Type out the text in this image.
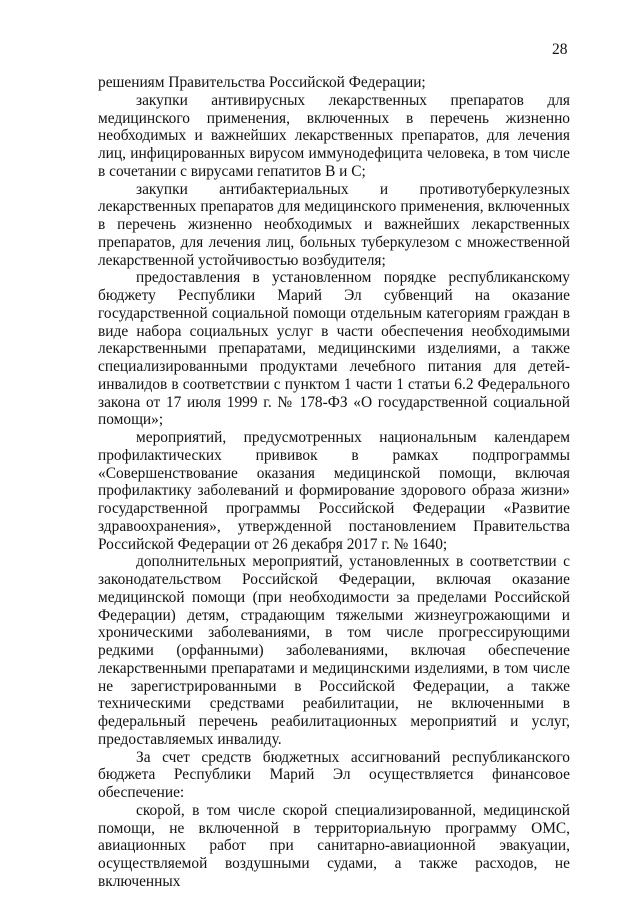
28

решениям Правительства Российской Федерации;

закупки антивирусных лекарственных препаратов для медицинского применения, включенных в перечень жизненно необходимых и важнейших лекарственных препаратов, для лечения лиц, инфицированных вирусом иммунодефицита человека, в том числе в сочетании с вирусами гепатитов В и С;

закупки антибактериальных и противотуберкулезных лекарственных препаратов для медицинского применения, включенных в перечень жизненно необходимых и важнейших лекарственных препаратов, для лечения лиц, больных туберкулезом с множественной лекарственной устойчивостью возбудителя;

предоставления в установленном порядке республиканскому бюджету Республики Марий Эл субвенций на оказание государственной социальной помощи отдельным категориям граждан в виде набора социальных услуг в части обеспечения необходимыми лекарственными препаратами, медицинскими изделиями, а также специализированными продуктами лечебного питания для детей-инвалидов в соответствии с пунктом 1 части 1 статьи 6.2 Федерального закона от 17 июля 1999 г. № 178-ФЗ «О государственной социальной помощи»;

мероприятий, предусмотренных национальным календарем профилактических прививок в рамках подпрограммы «Совершенствование оказания медицинской помощи, включая профилактику заболеваний и формирование здорового образа жизни» государственной программы Российской Федерации «Развитие здравоохранения», утвержденной постановлением Правительства Российской Федерации от 26 декабря 2017 г. № 1640;

дополнительных мероприятий, установленных в соответствии с законодательством Российской Федерации, включая оказание медицинской помощи (при необходимости за пределами Российской Федерации) детям, страдающим тяжелыми жизнеугрожающими и хроническими заболеваниями, в том числе прогрессирующими редкими (орфанными) заболеваниями, включая обеспечение лекарственными препаратами и медицинскими изделиями, в том числе не зарегистрированными в Российской Федерации, а также техническими средствами реабилитации, не включенными в федеральный перечень реабилитационных мероприятий и услуг, предоставляемых инвалиду.

За счет средств бюджетных ассигнований республиканского бюджета Республики Марий Эл осуществляется финансовое обеспечение:

скорой, в том числе скорой специализированной, медицинской помощи, не включенной в территориальную программу ОМС, авиационных работ при санитарно-авиационной эвакуации, осуществляемой воздушными судами, а также расходов, не включенных
